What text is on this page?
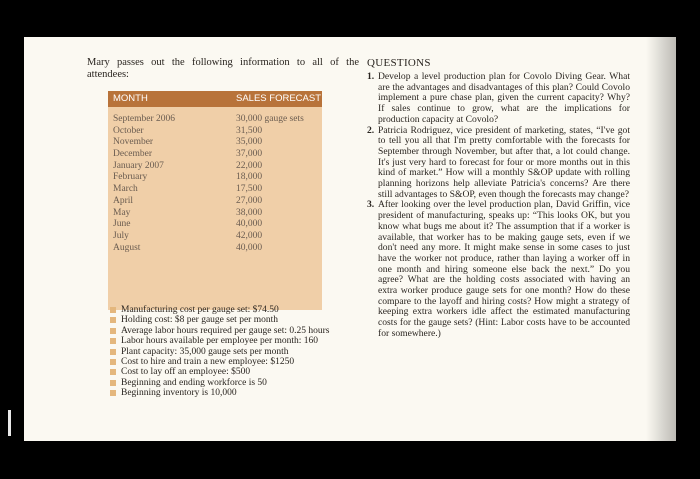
Mary passes out the following information to all of the attendees:

MONTH	SALES FORECAST
September 2006	30,000 gauge sets
October	31,500
November	35,000
December	37,000
January 2007	22,000
February	18,000
March	17,500
April	27,000
May	38,000
June	40,000
July	42,000
August	40,000
Manufacturing cost per gauge set: $74.50
Holding cost: $8 per gauge set per month
Average labor hours required per gauge set: 0.25 hours
Labor hours available per employee per month: 160
Plant capacity: 35,000 gauge sets per month
Cost to hire and train a new employee: $1250
Cost to lay off an employee: $500
Beginning and ending workforce is 50
Beginning inventory is 10,000
QUESTIONS
1. Develop a level production plan for Covolo Diving Gear. What are the advantages and disadvantages of this plan? Could Covolo implement a pure chase plan, given the current capacity? Why? If sales continue to grow, what are the implications for production capacity at Covolo?
2. Patricia Rodriguez, vice president of marketing, states, “I've got to tell you all that I'm pretty comfortable with the forecasts for September through November, but after that, a lot could change. It's just very hard to forecast for four or more months out in this kind of market.” How will a monthly S&OP update with rolling planning horizons help alleviate Patricia's concerns? Are there still advantages to S&OP, even though the forecasts may change?
3. After looking over the level production plan, David Griffin, vice president of manufacturing, speaks up: “This looks OK, but you know what bugs me about it? The assumption that if a worker is available, that worker has to be making gauge sets, even if we don't need any more. It might make sense in some cases to just have the worker not produce, rather than laying a worker off in one month and hiring someone else back the next.” Do you agree? What are the holding costs associated with having an extra worker produce gauge sets for one month? How do these compare to the layoff and hiring costs? How might a strategy of keeping extra workers idle affect the estimated manufacturing costs for the gauge sets? (Hint: Labor costs have to be accounted for somewhere.)
